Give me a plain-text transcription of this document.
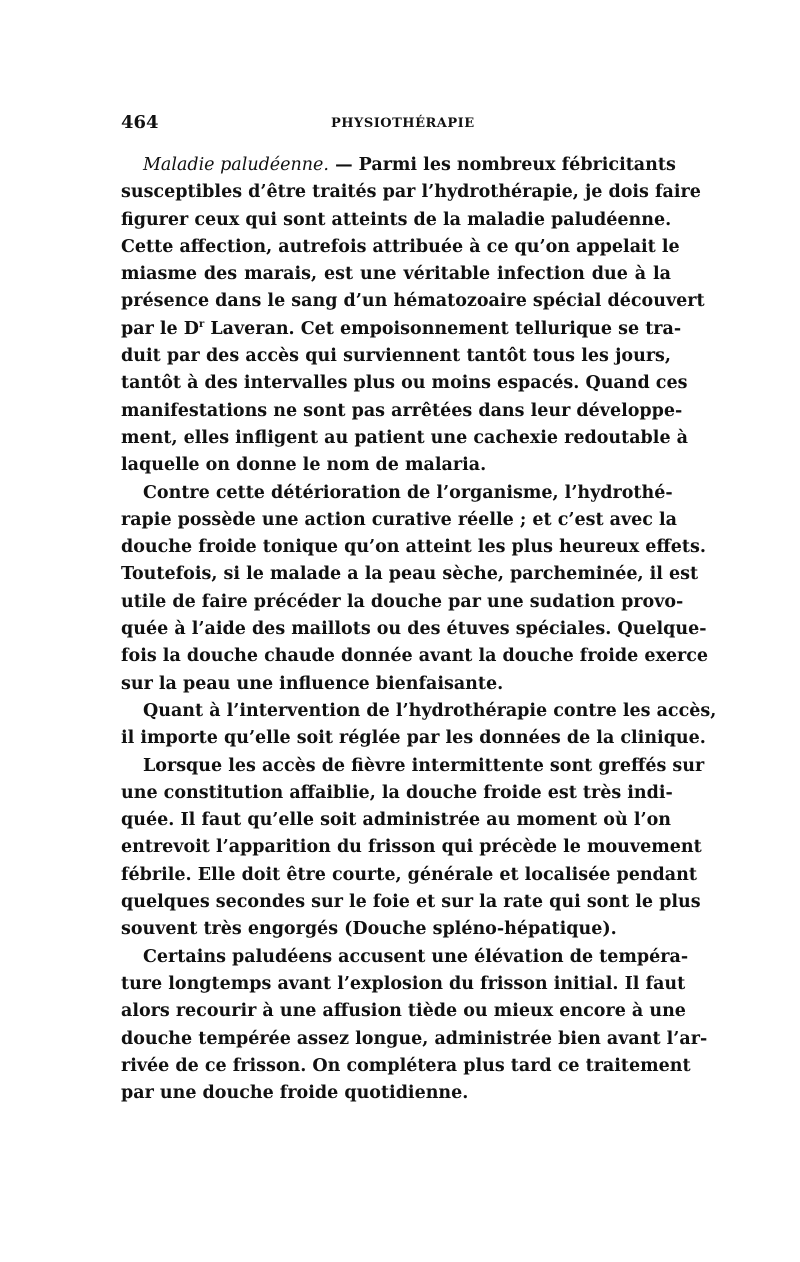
464	PHYSIOTHÉRAPIE
Maladie paludéenne. — Parmi les nombreux fébricitants
susceptibles d’être traités par l’hydrothérapie, je dois faire
figurer ceux qui sont atteints de la maladie paludéenne.
Cette affection, autrefois attribuée à ce qu’on appelait le
miasme des marais, est une véritable infection due à la
présence dans le sang d’un hématozoaire spécial découvert
par le $D^r$ Laveran. Cet empoisonnement tellurique se tra-
duit par des accès qui surviennent tantôt tous les jours,
tantôt à des intervalles plus ou moins espacés. Quand ces
manifestations ne sont pas arrêtées dans leur développe-
ment, elles infligent au patient une cachexie redoutable à
laquelle on donne le nom de malaria.
Contre cette détérioration de l’organisme, l’hydrothé-
rapie possède une action curative réelle ; et c’est avec la
douche froide tonique qu’on atteint les plus heureux effets.
Toutefois, si le malade a la peau sèche, parcheminée, il est
utile de faire précéder la douche par une sudation provo-
quée à l’aide des maillots ou des étuves spéciales. Quelque-
fois la douche chaude donnée avant la douche froide exerce
sur la peau une influence bienfaisante.
Quant à l’intervention de l’hydrothérapie contre les accès,
il importe qu’elle soit réglée par les données de la clinique.
Lorsque les accès de fièvre intermittente sont greffés sur
une constitution affaiblie, la douche froide est très indi-
quée. Il faut qu’elle soit administrée au moment où l’on
entrevoit l’apparition du frisson qui précède le mouvement
fébrile. Elle doit être courte, générale et localisée pendant
quelques secondes sur le foie et sur la rate qui sont le plus
souvent très engorgés (Douche spléno-hépatique).
Certains paludéens accusent une élévation de tempéra-
ture longtemps avant l’explosion du frisson initial. Il faut
alors recourir à une affusion tiède ou mieux encore à une
douche tempérée assez longue, administrée bien avant l’ar-
rivée de ce frisson. On complétera plus tard ce traitement
par une douche froide quotidienne.
